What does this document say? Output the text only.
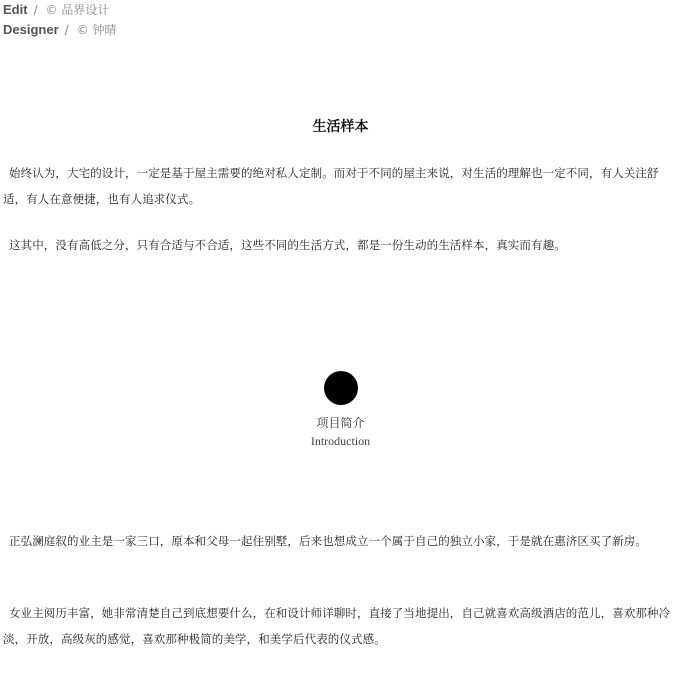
Edit / © 品界设计
Designer / © 钟晴
生活样本

始终认为，大宅的设计，一定是基于屋主需要的绝对私人定制。而对于不同的屋主来说，对生活的理解也一定不同，有人关注舒适，有人在意便捷，也有人追求仪式。

这其中，没有高低之分，只有合适与不合适，这些不同的生活方式，都是一份生动的生活样本，真实而有趣。

项目简介
Introduction

正弘澜庭叙的业主是一家三口，原本和父母一起住别墅，后来也想成立一个属于自己的独立小家，于是就在惠济区买了新房。

女业主阅历丰富，她非常清楚自己到底想要什么，在和设计师详聊时，直接了当地提出，自己就喜欢高级酒店的范儿，喜欢那种冷淡，开放，高级灰的感觉，喜欢那种极简的美学，和美学后代表的仪式感。
